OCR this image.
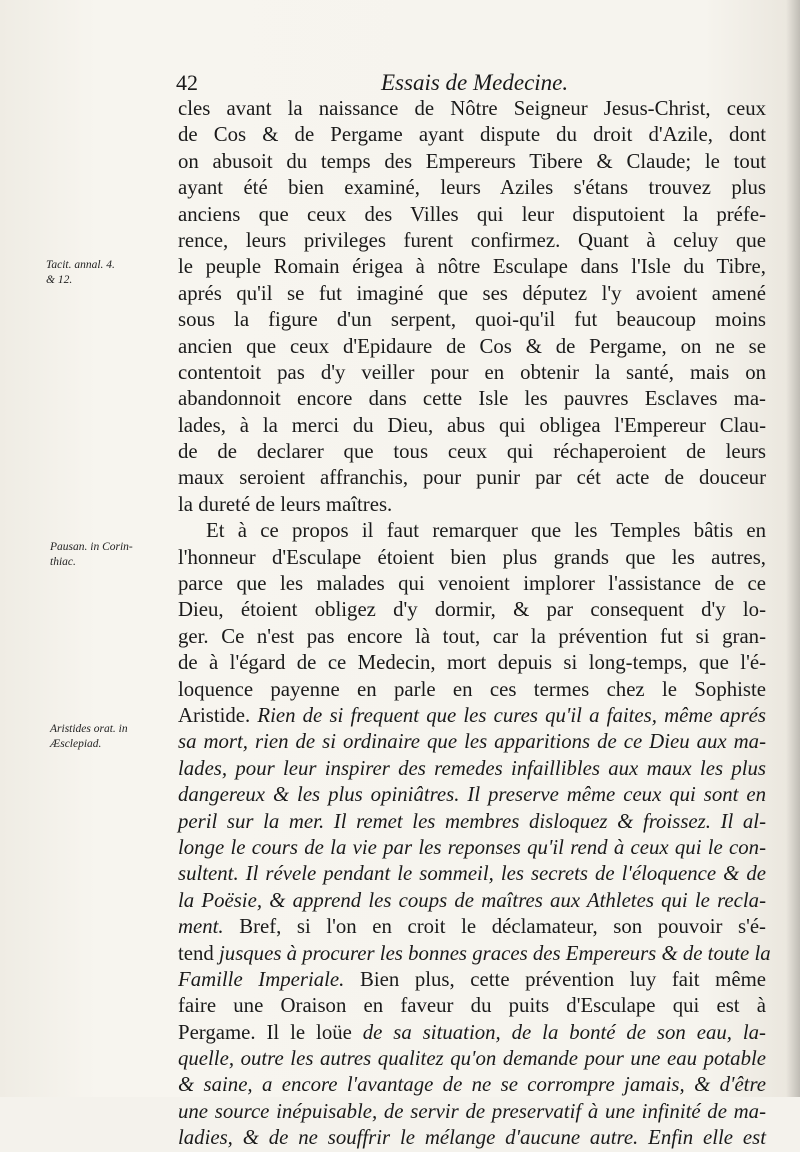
42	Essais de Medecine.
Tacit. annal. 4.
& 12.
Pausan. in Corin-
thiac.
Aristides orat. in
Æsclepiad.
cles avant la naissance de Nôtre Seigneur Jesus-Christ, ceux
de Cos & de Pergame ayant dispute du droit d'Azile, dont
on abusoit du temps des Empereurs Tibere & Claude; le tout
ayant été bien examiné, leurs Aziles s'étans trouvez plus
anciens que ceux des Villes qui leur disputoient la préfe-
rence, leurs privileges furent confirmez. Quant à celuy que
le peuple Romain érigea à nôtre Esculape dans l'Isle du Tibre,
aprés qu'il se fut imaginé que ses députez l'y avoient amené
sous la figure d'un serpent, quoi-qu'il fut beaucoup moins
ancien que ceux d'Epidaure de Cos & de Pergame, on ne se
contentoit pas d'y veiller pour en obtenir la santé, mais on
abandonnoit encore dans cette Isle les pauvres Esclaves ma-
lades, à la merci du Dieu, abus qui obligea l'Empereur Clau-
de de declarer que tous ceux qui réchaperoient de leurs
maux seroient affranchis, pour punir par cét acte de douceur
la dureté de leurs maîtres.
Et à ce propos il faut remarquer que les Temples bâtis en
l'honneur d'Esculape étoient bien plus grands que les autres,
parce que les malades qui venoient implorer l'assistance de ce
Dieu, étoient obligez d'y dormir, & par consequent d'y lo-
ger. Ce n'est pas encore là tout, car la prévention fut si gran-
de à l'égard de ce Medecin, mort depuis si long-temps, que l'é-
loquence payenne en parle en ces termes chez le Sophiste
Aristide. Rien de si frequent que les cures qu'il a faites, même aprés
sa mort, rien de si ordinaire que les apparitions de ce Dieu aux ma-
lades, pour leur inspirer des remedes infaillibles aux maux les plus
dangereux & les plus opiniâtres. Il preserve même ceux qui sont en
peril sur la mer. Il remet les membres disloquez & froissez. Il al-
longe le cours de la vie par les reponses qu'il rend à ceux qui le con-
sultent. Il révele pendant le sommeil, les secrets de l'éloquence & de
la Poësie, & apprend les coups de maîtres aux Athletes qui le recla-
ment. Bref, si l'on en croit le déclamateur, son pouvoir s'é-
tend jusques à procurer les bonnes graces des Empereurs & de toute la
Famille Imperiale. Bien plus, cette prévention luy fait même
faire une Oraison en faveur du puits d'Esculape qui est à
Pergame. Il le loüe de sa situation, de la bonté de son eau, la-
quelle, outre les autres qualitez qu'on demande pour une eau potable
& saine, a encore l'avantage de ne se corrompre jamais, & d'être
une source inépuisable, de servir de preservatif à une infinité de ma-
ladies, & de ne souffrir le mélange d'aucune autre. Enfin elle est
